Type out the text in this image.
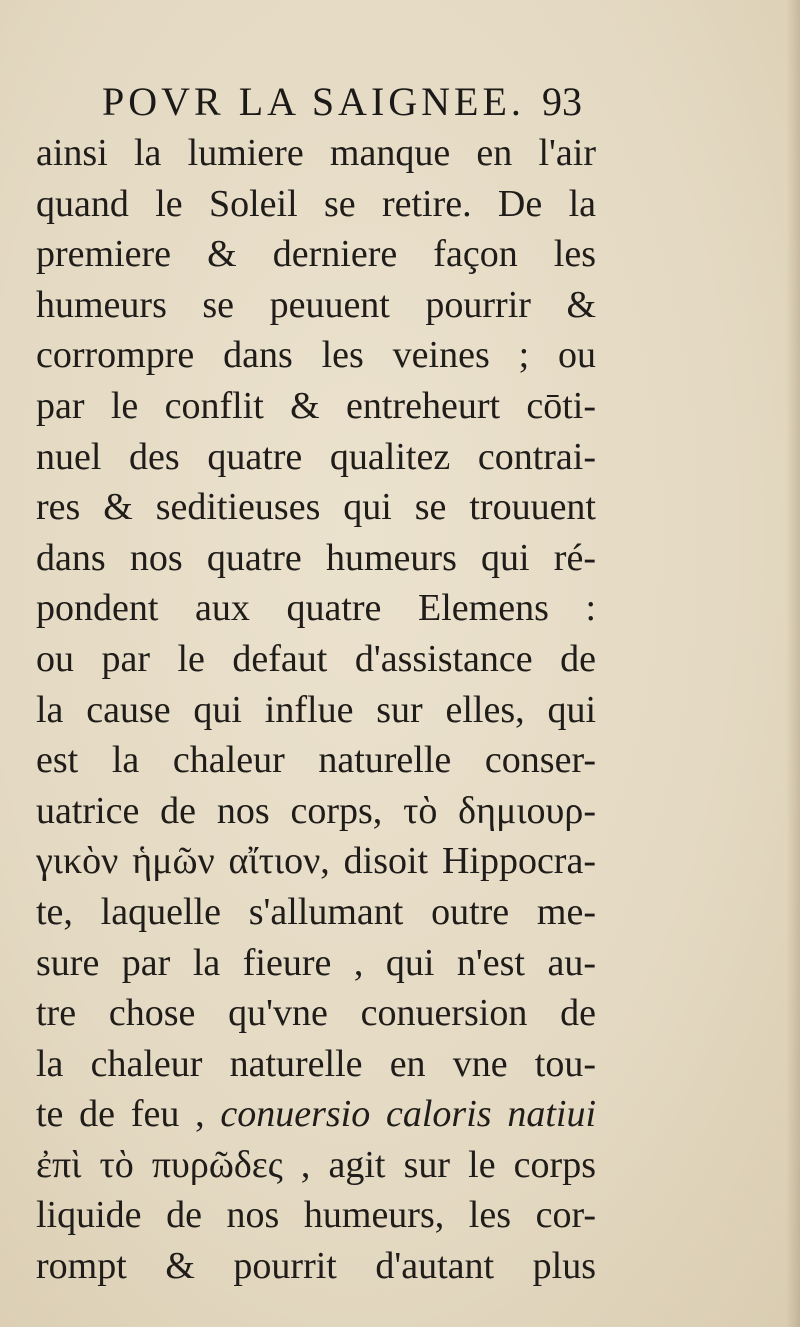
POVR LA SAIGNEE. 93
ainsi la lumiere manque en l'air
quand le Soleil se retire. De la
premiere & derniere façon les
humeurs se peuuent pourrir &
corrompre dans les veines ; ou
par le conflit & entreheurt cōti-
nuel des quatre qualitez contrai-
res & seditieuses qui se trouuent
dans nos quatre humeurs qui ré-
pondent aux quatre Elemens :
ou par le defaut d'assistance de
la cause qui influe sur elles, qui
est la chaleur naturelle conser-
uatrice de nos corps, τὸ δημιουρ-
γικὸν ἡμῶν αἴτιον, disoit Hippocra-
te, laquelle s'allumant outre me-
sure par la fieure , qui n'est au-
tre chose qu'vne conuersion de
la chaleur naturelle en vne tou-
te de feu , conuersio caloris natiui
ἐπὶ τὸ πυρῶδες , agit sur le corps
liquide de nos humeurs, les cor-
rompt & pourrit d'autant plus
